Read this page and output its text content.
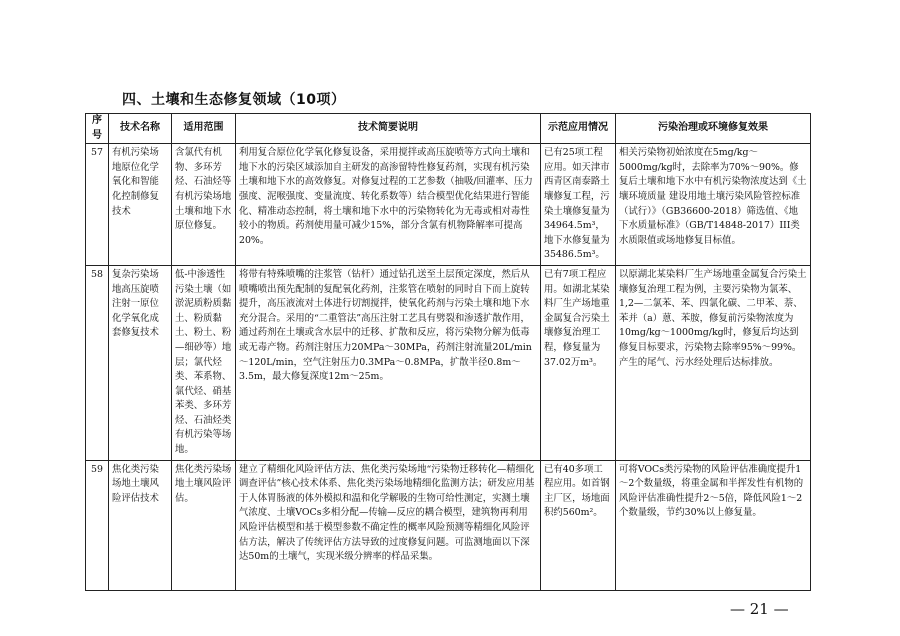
四、土壤和生态修复领域（10项）
序号	技术名称	适用范围	技术简要说明	示范应用情况	污染治理或环境修复效果
57	有机污染场地原位化学氧化和智能化控制修复技术	含氯代有机物、多环芳烃、石油烃等有机污染场地土壤和地下水原位修复。	利用复合原位化学氧化修复设备，采用搅拌或高压旋喷等方式向土壤和地下水的污染区域添加自主研发的高渗留特性修复药剂，实现有机污染土壤和地下水的高效修复。对修复过程的工艺参数（抽吸/回灌率、压力强度、泥喉强度、变量流度、转化系数等）结合模型优化结果进行智能化、精准动态控制，将土壤和地下水中的污染物转化为无毒或相对毒性较小的物质。药剂使用量可减少15%，部分含氯有机物降解率可提高20%。	已有25项工程应用。如天津市西青区南泰路土壤修复工程，污染土壤修复量为34964.5m³，地下水修复量为35486.5m³。	相关污染物初始浓度在5mg/kg～5000mg/kg时，去除率为70%～90%。修复后土壤和地下水中有机污染物浓度达到《土壤环境质量 建设用地土壤污染风险管控标准（试行）》（GB36600-2018）筛选值、《地下水质量标准》（GB/T14848-2017）III类水质限值或场地修复目标值。
58	复杂污染场地高压旋喷注射一原位化学氧化成套修复技术	低-中渗透性污染土壤（如淤泥质粉质黏土、粉质黏土、粉土、粉—细砂等）地层；氯代烃类、苯系物、氯代烃、硝基苯类、多环芳烃、石油烃类有机污染等场地。	将带有特殊喷嘴的注浆管（钻杆）通过钻孔送至土层预定深度，然后从喷嘴喷出预先配制的复配氧化药剂，注浆管在喷射的同时自下而上旋转提升，高压液流对土体进行切割搅拌，使氧化药剂与污染土壤和地下水充分混合。采用的“二重管法”高压注射工艺具有劈裂和渗透扩散作用，通过药剂在土壤或含水层中的迁移、扩散和反应，将污染物分解为低毒或无毒产物。药剂注射压力20MPa～30MPa，药剂注射流量20L/min～120L/min，空气注射压力0.3MPa～0.8MPa，扩散半径0.8m～3.5m，最大修复深度12m～25m。	已有7项工程应用。如湖北某染料厂生产场地重金属复合污染土壤修复治理工程，修复量为37.02万m³。	以原湖北某染料厂生产场地重金属复合污染土壤修复治理工程为例，主要污染物为氯苯、1,2—二氯苯、苯、四氯化碳、二甲苯、萘、苯并（a）蒽、苯胺，修复前污染物浓度为10mg/kg～1000mg/kg时，修复后均达到修复目标要求，污染物去除率95%～99%。产生的尾气、污水经处理后达标排放。
59	焦化类污染场地土壤风险评估技术	焦化类污染场地土壤风险评估。	建立了精细化风险评估方法、焦化类污染场地“污染物迁移转化—精细化调查评估”核心技术体系、焦化类污染场地精细化监测方法；研发应用基于人体胃肠液的体外模拟和温和化学解吸的生物可给性测定，实测土壤气浓度、土壤VOCs多相分配—传输—反应的耦合模型，建筑物再利用风险评估模型和基于模型参数不确定性的概率风险预测等精细化风险评估方法，解决了传统评估方法导致的过度修复问题。可监测地面以下深达50m的土壤气，实现米级分辨率的样品采集。	已有40多项工程应用。如首钢主厂区，场地面积约560m²。	可将VOCs类污染物的风险评估准确度提升1～2个数量级，将重金属和半挥发性有机物的风险评估准确性提升2～5倍，降低风险1～2个数量级，节约30%以上修复量。
— 21 —
